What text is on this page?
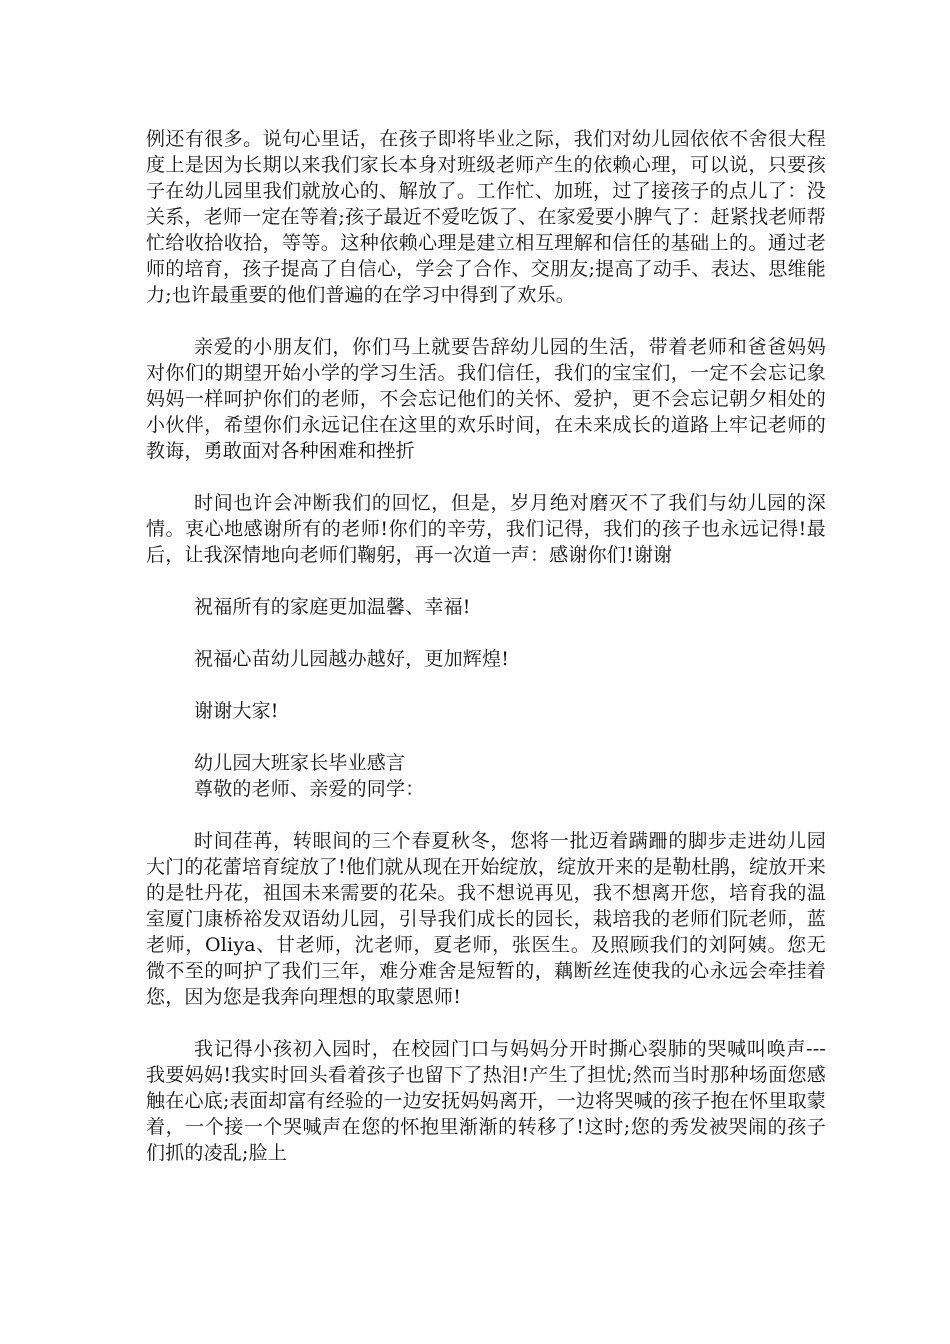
例还有很多。说句心里话，在孩子即将毕业之际，我们对幼儿园依依不舍很大程度上是因为长期以来我们家长本身对班级老师产生的依赖心理，可以说，只要孩子在幼儿园里我们就放心的、解放了。工作忙、加班，过了接孩子的点儿了：没关系，老师一定在等着;孩子最近不爱吃饭了、在家爱要小脾气了：赶紧找老师帮忙给收拾收拾，等等。这种依赖心理是建立相互理解和信任的基础上的。通过老师的培育，孩子提高了自信心，学会了合作、交朋友;提高了动手、表达、思维能力;也许最重要的他们普遍的在学习中得到了欢乐。

亲爱的小朋友们，你们马上就要告辞幼儿园的生活，带着老师和爸爸妈妈对你们的期望开始小学的学习生活。我们信任，我们的宝宝们，一定不会忘记象妈妈一样呵护你们的老师，不会忘记他们的关怀、爱护，更不会忘记朝夕相处的小伙伴，希望你们永远记住在这里的欢乐时间，在未来成长的道路上牢记老师的教诲，勇敢面对各种困难和挫折

时间也许会冲断我们的回忆，但是，岁月绝对磨灭不了我们与幼儿园的深情。衷心地感谢所有的老师!你们的辛劳，我们记得，我们的孩子也永远记得!最后，让我深情地向老师们鞠躬，再一次道一声：感谢你们!谢谢

祝福所有的家庭更加温馨、幸福!

祝福心苗幼儿园越办越好，更加辉煌!

谢谢大家!

幼儿园大班家长毕业感言

尊敬的老师、亲爱的同学：

时间荏苒，转眼间的三个春夏秋冬，您将一批迈着蹒跚的脚步走进幼儿园大门的花蕾培育绽放了!他们就从现在开始绽放，绽放开来的是勒杜鹃，绽放开来的是牡丹花，祖国未来需要的花朵。我不想说再见，我不想离开您，培育我的温室厦门康桥裕发双语幼儿园，引导我们成长的园长，栽培我的老师们阮老师，蓝老师，Oliya、甘老师，沈老师，夏老师，张医生。及照顾我们的刘阿姨。您无微不至的呵护了我们三年，难分难舍是短暂的，藕断丝连使我的心永远会牵挂着您，因为您是我奔向理想的取蒙恩师!

我记得小孩初入园时，在校园门口与妈妈分开时撕心裂肺的哭喊叫唤声---我要妈妈!我实时回头看着孩子也留下了热泪!产生了担忧;然而当时那种场面您感触在心底;表面却富有经验的一边安抚妈妈离开，一边将哭喊的孩子抱在怀里取蒙着，一个接一个哭喊声在您的怀抱里渐渐的转移了!这时;您的秀发被哭闹的孩子们抓的凌乱;脸上
